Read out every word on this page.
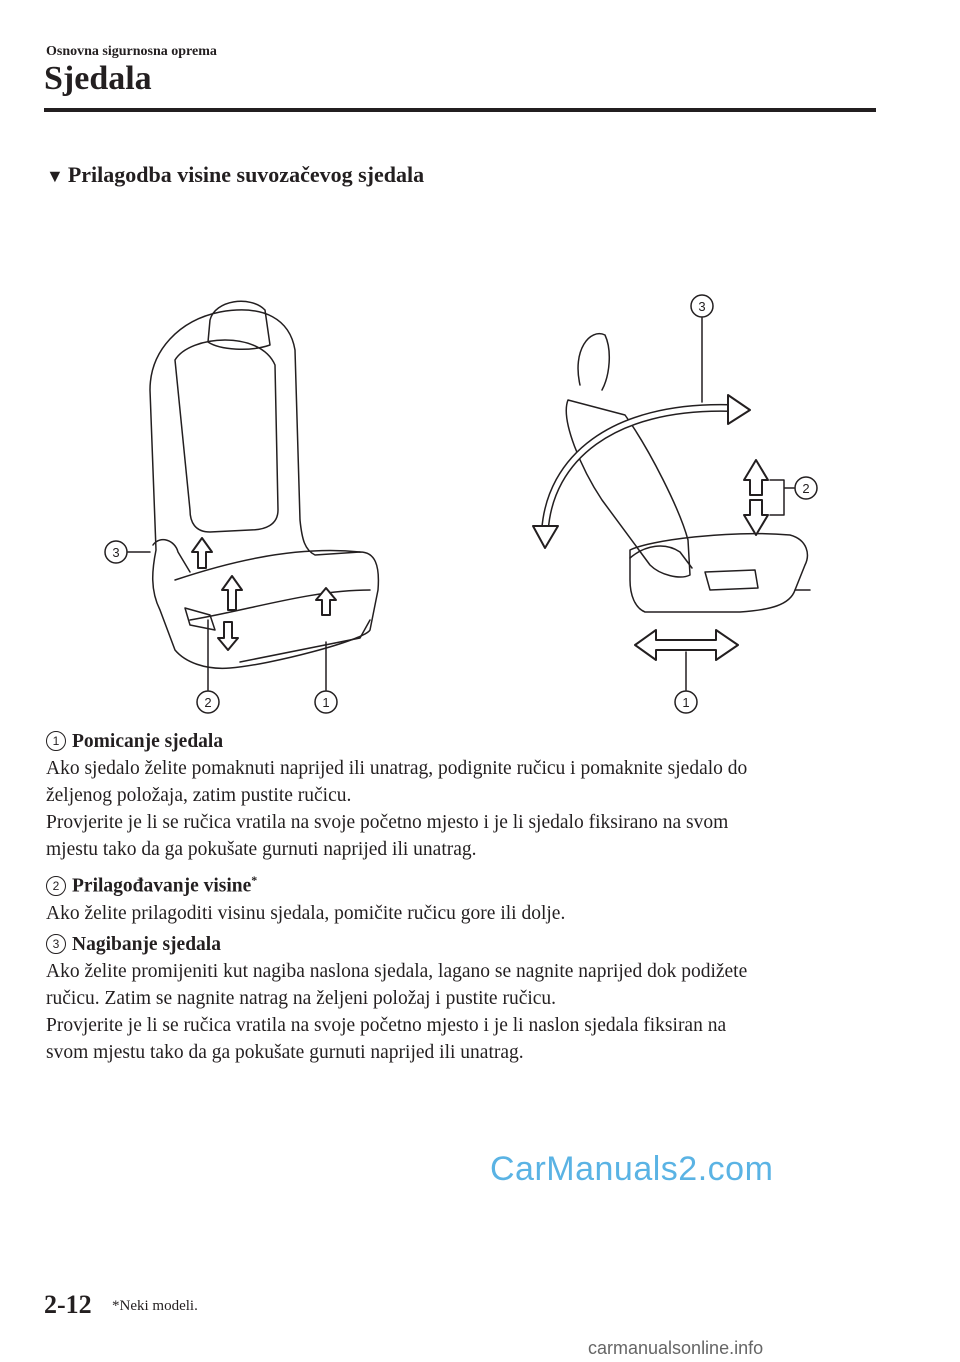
Osnovna sigurnosna oprema
Sjedala
▼ Prilagodba visine suvozačevog sjedala
2	1
3
3
2
1

1 Pomicanje sjedala

Ako sjedalo želite pomaknuti naprijed ili unatrag, podignite ručicu i pomaknite sjedalo do

željenog položaja, zatim pustite ručicu.

Provjerite je li se ručica vratila na svoje početno mjesto i je li sjedalo fiksirano na svom

mjestu tako da ga pokušate gurnuti naprijed ili unatrag.

2 Prilagođavanje visine*

Ako želite prilagoditi visinu sjedala, pomičite ručicu gore ili dolje.

3 Nagibanje sjedala

Ako želite promijeniti kut nagiba naslona sjedala, lagano se nagnite naprijed dok podižete

ručicu. Zatim se nagnite natrag na željeni položaj i pustite ručicu.

Provjerite je li se ručica vratila na svoje početno mjesto i je li naslon sjedala fiksiran na

svom mjestu tako da ga pokušate gurnuti naprijed ili unatrag.

CarManuals2.com
2-12 *Neki modeli.
carmanualsonline.info
